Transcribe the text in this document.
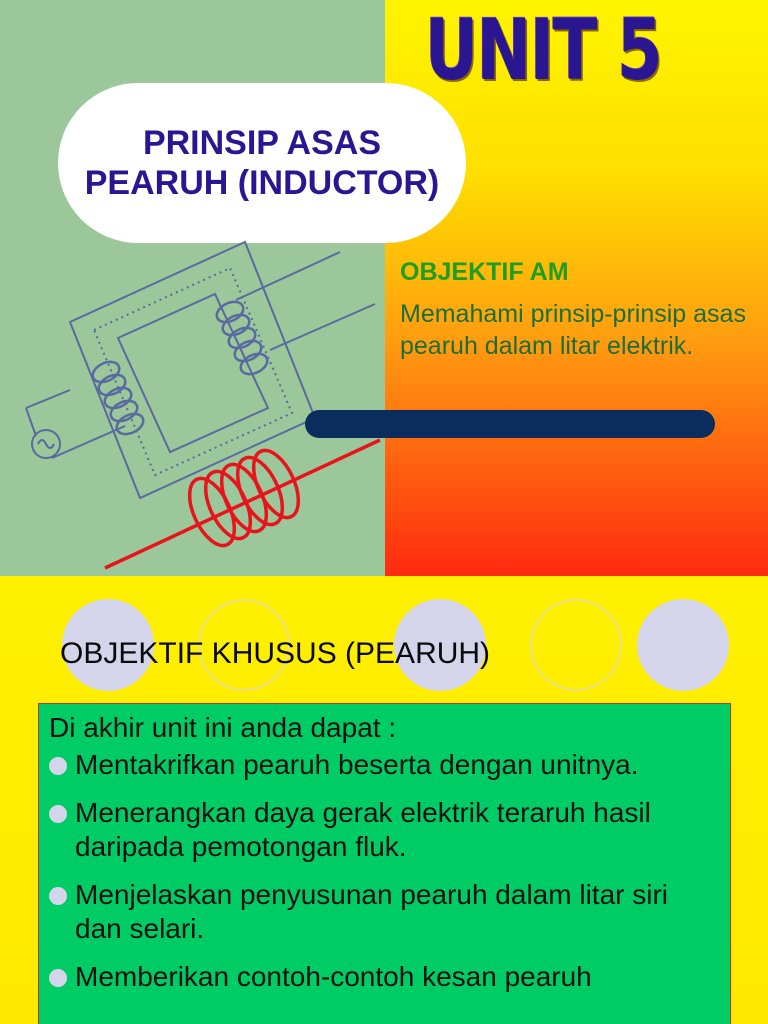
UNIT 5
PRINSIP ASAS
PEARUH (INDUCTOR)
OBJEKTIF AM
Memahami prinsip-prinsip asas pearuh dalam litar elektrik.
OBJEKTIF KHUSUS (PEARUH)
Di akhir unit ini anda dapat :
Mentakrifkan pearuh beserta dengan unitnya.
Menerangkan daya gerak elektrik teraruh hasil daripada pemotongan fluk.
Menjelaskan penyusunan pearuh dalam litar siri dan selari.
Memberikan contoh-contoh kesan pearuh
